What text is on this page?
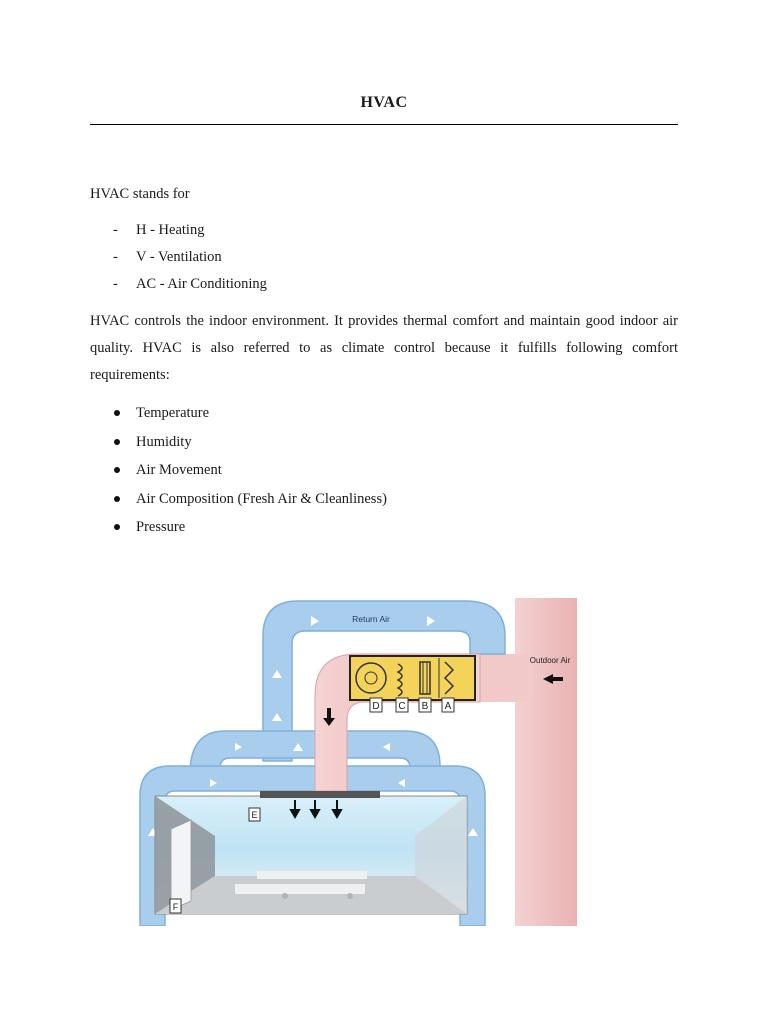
HVAC

HVAC stands for

- H - Heating
- V - Ventilation
- AC - Air Conditioning

HVAC controls the indoor environment. It provides thermal comfort and maintain good indoor air quality. HVAC is also referred to as climate control because it fulfills following comfort requirements:

Temperature
Humidity
Air Movement
Air Composition (Fresh Air & Cleanliness)
Pressure
D C B A
Return Air
Outdoor Air
E
F
